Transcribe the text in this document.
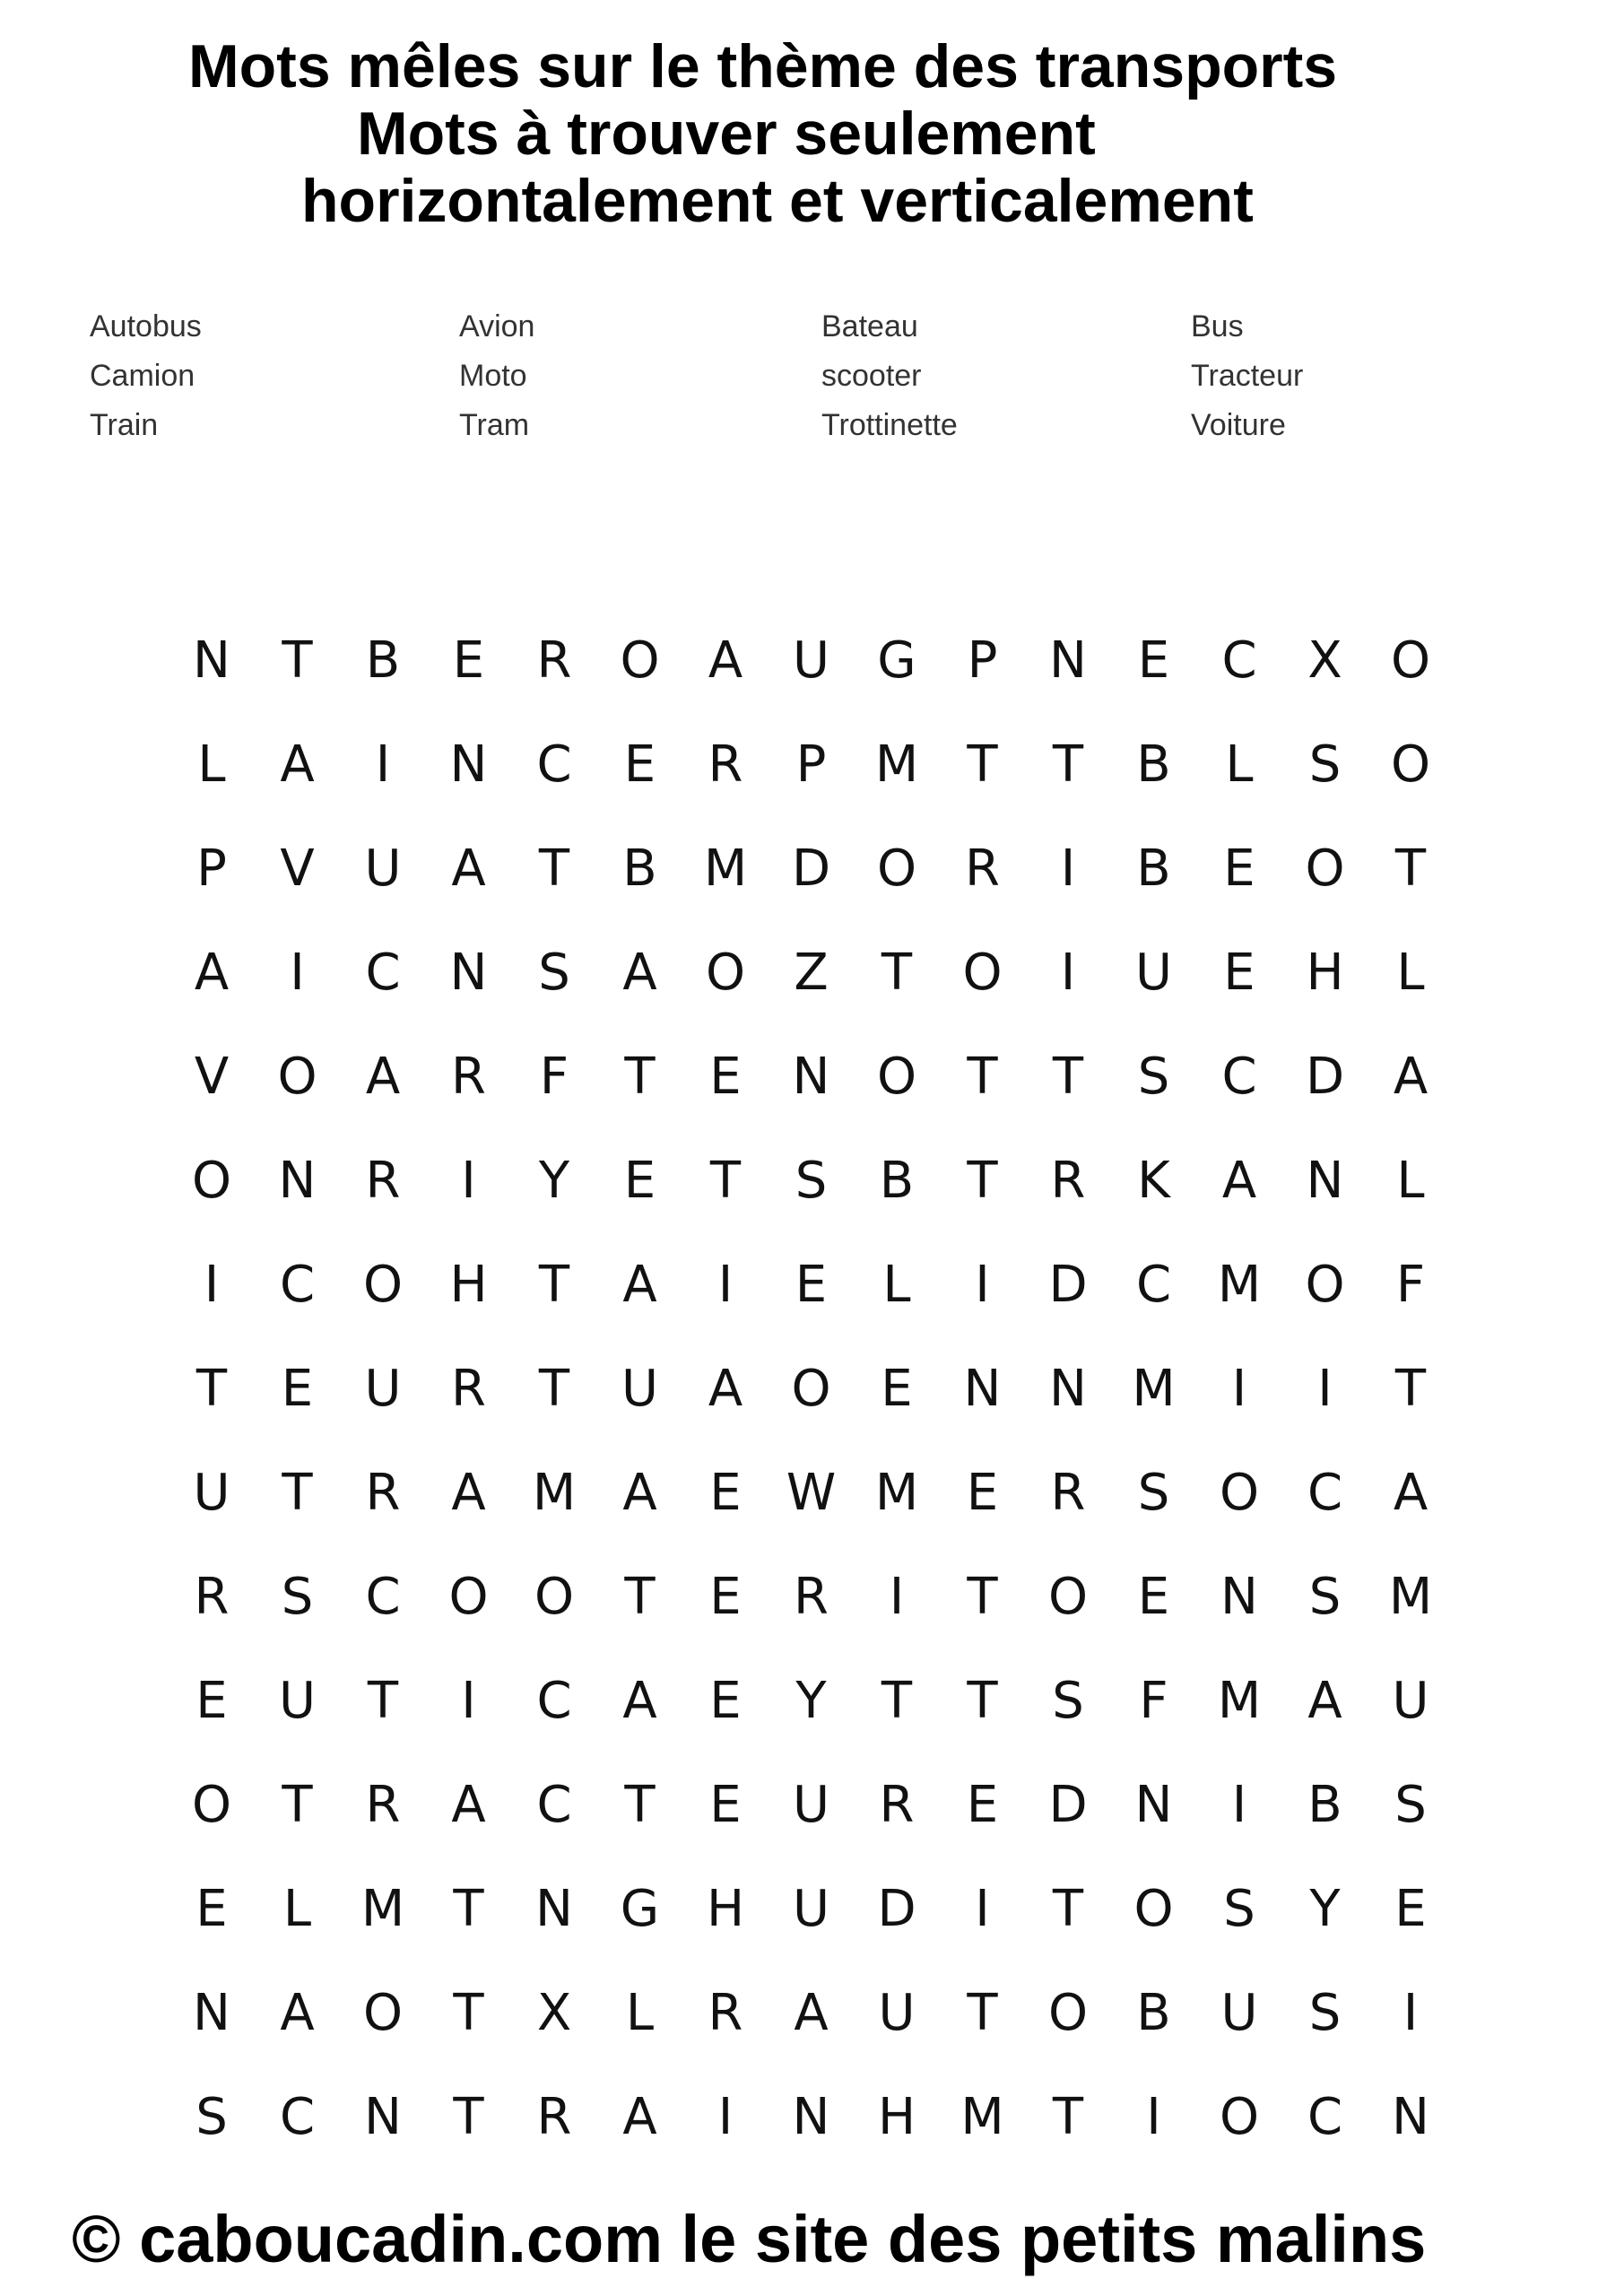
Mots mêles sur le thème des transports
Mots à trouver seulement
horizontalement et verticalement
Autobus	Avion	Bateau	Bus
Camion	Moto	scooter	Tracteur
Train	Tram	Trottinette	Voiture
N	T	B	E	R O A U G	P	N	E	C	X O
L	A	I	N C	E	R	P M T	T	B	L	S O
P	V U A	T	B M D O R	I	B	E O	T
A	I	C N	S	A O Z	T	O	I	U	E	H	L
V O A	R	F	T	E	N O	T	T	S	C D A
O N R	I	Y	E	T	S	B	T	R	K	A N	L
I	C O H	T	A	I	E	L	I	D C M O	F
T	E	U R	T	U A O E	N N M	I	I	T
U	T	R	A M A	E W M E	R	S O C	A
R	S	C O O	T	E	R	I	T	O E	N	S M
E	U	T	I	C	A	E	Y	T	T	S	F M A U
O	T	R	A	C	T	E	U R	E	D N	I	B	S
E	L M T	N G H U D	I	T	O S	Y	E
N A O	T	X	L	R	A U	T	O B U	S	I
S	C N	T	R	A	I	N H M T	I	O C N
© caboucadin.com le site des petits malins
